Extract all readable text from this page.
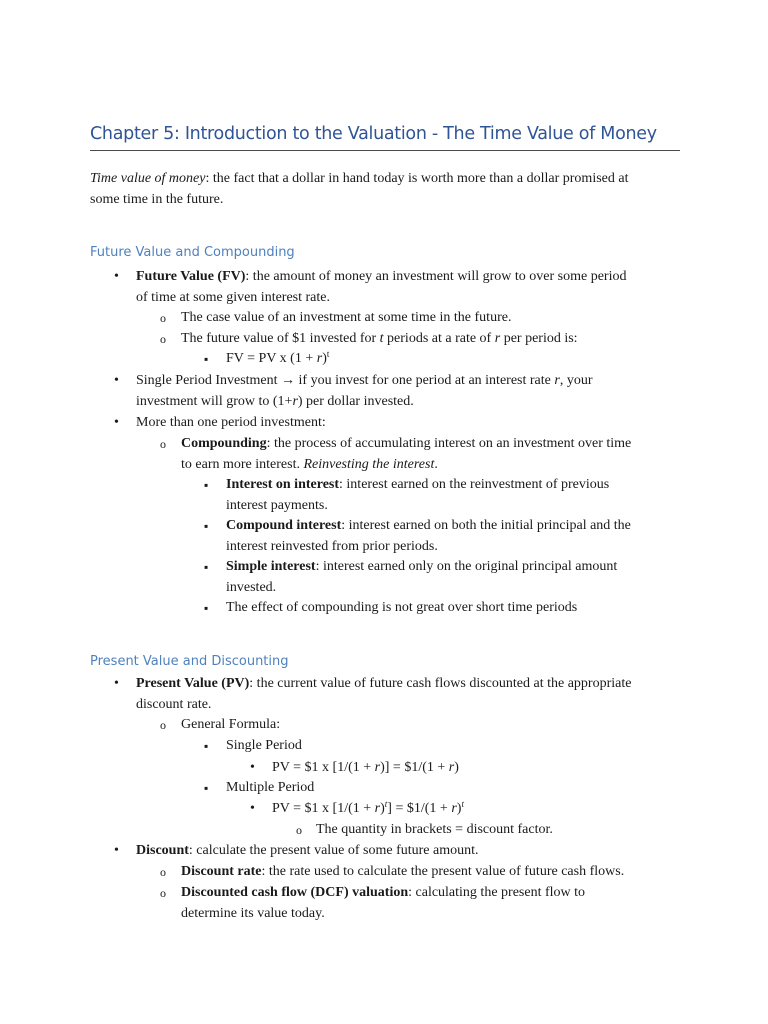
Chapter 5: Introduction to the Valuation - The Time Value of Money
Time value of money: the fact that a dollar in hand today is worth more than a dollar promised at
some time in the future.
Future Value and Compounding
•
Future Value (FV): the amount of money an investment will grow to over some period
of time at some given interest rate.
o
The case value of an investment at some time in the future.
o
The future value of $1 invested for t periods at a rate of r per period is:
▪
FV = PV x $(1 + r)^t$
•
Single Period Investment → if you invest for one period at an interest rate r, your
investment will grow to (1+r) per dollar invested.
•
More than one period investment:
o
Compounding: the process of accumulating interest on an investment over time
to earn more interest. Reinvesting the interest.
▪
Interest on interest: interest earned on the reinvestment of previous
interest payments.
▪
Compound interest: interest earned on both the initial principal and the
interest reinvested from prior periods.
▪
Simple interest: interest earned only on the original principal amount
invested.
▪
The effect of compounding is not great over short time periods
Present Value and Discounting
•
Present Value (PV): the current value of future cash flows discounted at the appropriate
discount rate.
o
General Formula:
▪
Single Period
•
PV = $1 x [1/(1 + r)] = $1/(1 + r)
▪
Multiple Period
•
PV = $1 x $[1/(1 + r)^t]$ = $1/(1 + r)$^t$
o
The quantity in brackets = discount factor.
•
Discount: calculate the present value of some future amount.
o
Discount rate: the rate used to calculate the present value of future cash flows.
o
Discounted cash flow (DCF) valuation: calculating the present flow to
determine its value today.
